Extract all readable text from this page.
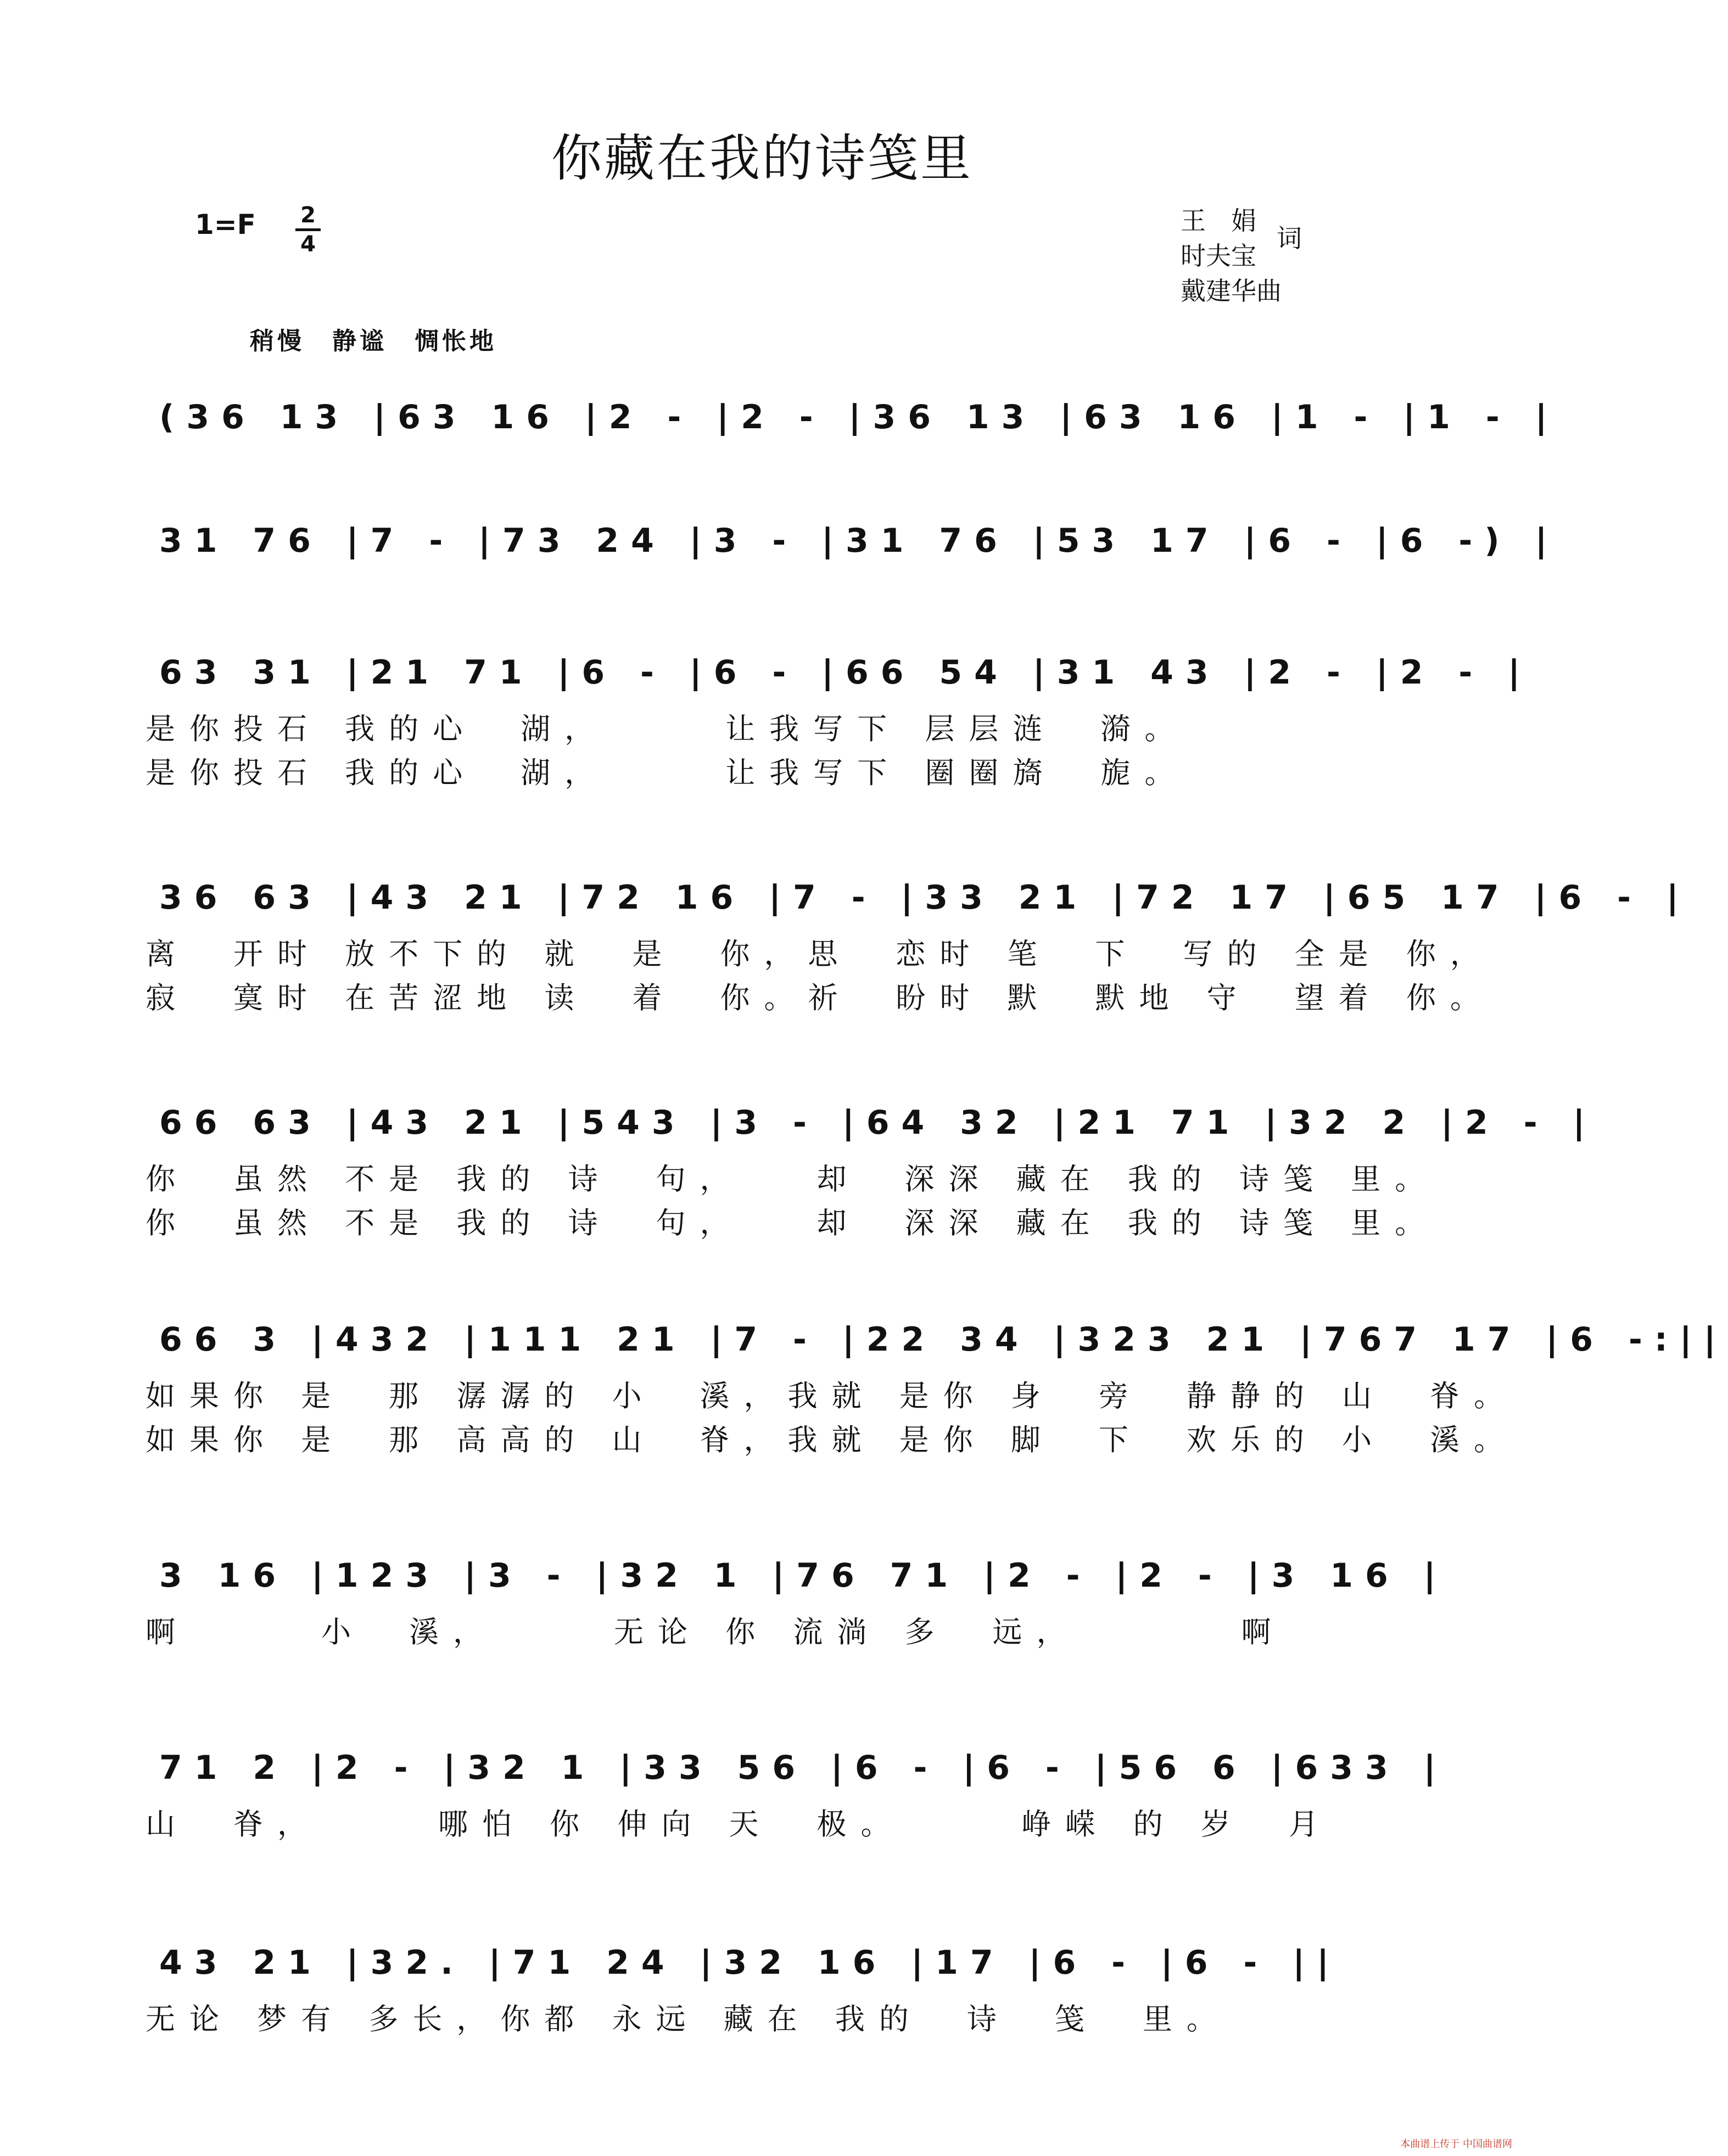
你藏在我的诗笺里
1=F 2
4
王　娟
时夫宝
戴建华曲
词
稍慢　静谧　惆怅地
(36 13 |63 16 |2 - |2 - |36 13 |63 16 |1 - |1 - |
31 76 |7 - |73 24 |3 - |31 76 |53 17 |6 - |6 -) |
63 31 |21 71 |6 - |6 - |66 54 |31 43 |2 - |2 - |
是你投石 我的心　湖，　　　让我写下 层层涟　漪。
是你投石 我的心　湖，　　　让我写下 圈圈旖　旎。
36 63 |43 21 |72 16 |7 - |33 21 |72 17 |65 17 |6 - |
离　开时 放不下的 就　是　你，思　恋时 笔　下　写的 全是 你，
寂　寞时 在苦涩地 读　着　你。祈　盼时 默　默地 守　望着 你。
66 63 |43 21 |543 |3 - |64 32 |21 71 |32 2 |2 - |
你　虽然 不是 我的 诗　句，　　却　深深 藏在 我的 诗笺 里。
你　虽然 不是 我的 诗　句，　　却　深深 藏在 我的 诗笺 里。
66 3 |432 |111 21 |7 - |22 34 |323 21 |767 17 |6 -:||
如果你 是　那 潺潺的 小　溪，我就 是你 身　旁　静静的 山　脊。
如果你 是　那 高高的 山　脊，我就 是你 脚　下　欢乐的 小　溪。
3 16 |123 |3 - |32 1 |76 71 |2 - |2 - |3 16 |
啊　　　小　溪，　　　无论 你 流淌 多　远，　　　　啊
71 2 |2 - |32 1 |33 56 |6 - |6 - |56 6 |633 |
山　脊，　　　哪怕 你 伸向 天　极。　　　峥嵘 的 岁　月
43 21 |32. |71 24 |32 16 |17 |6 - |6 - ||
无论 梦有 多长，你都 永远 藏在 我的　诗　笺　里。
本曲谱上传于 中国曲谱网
